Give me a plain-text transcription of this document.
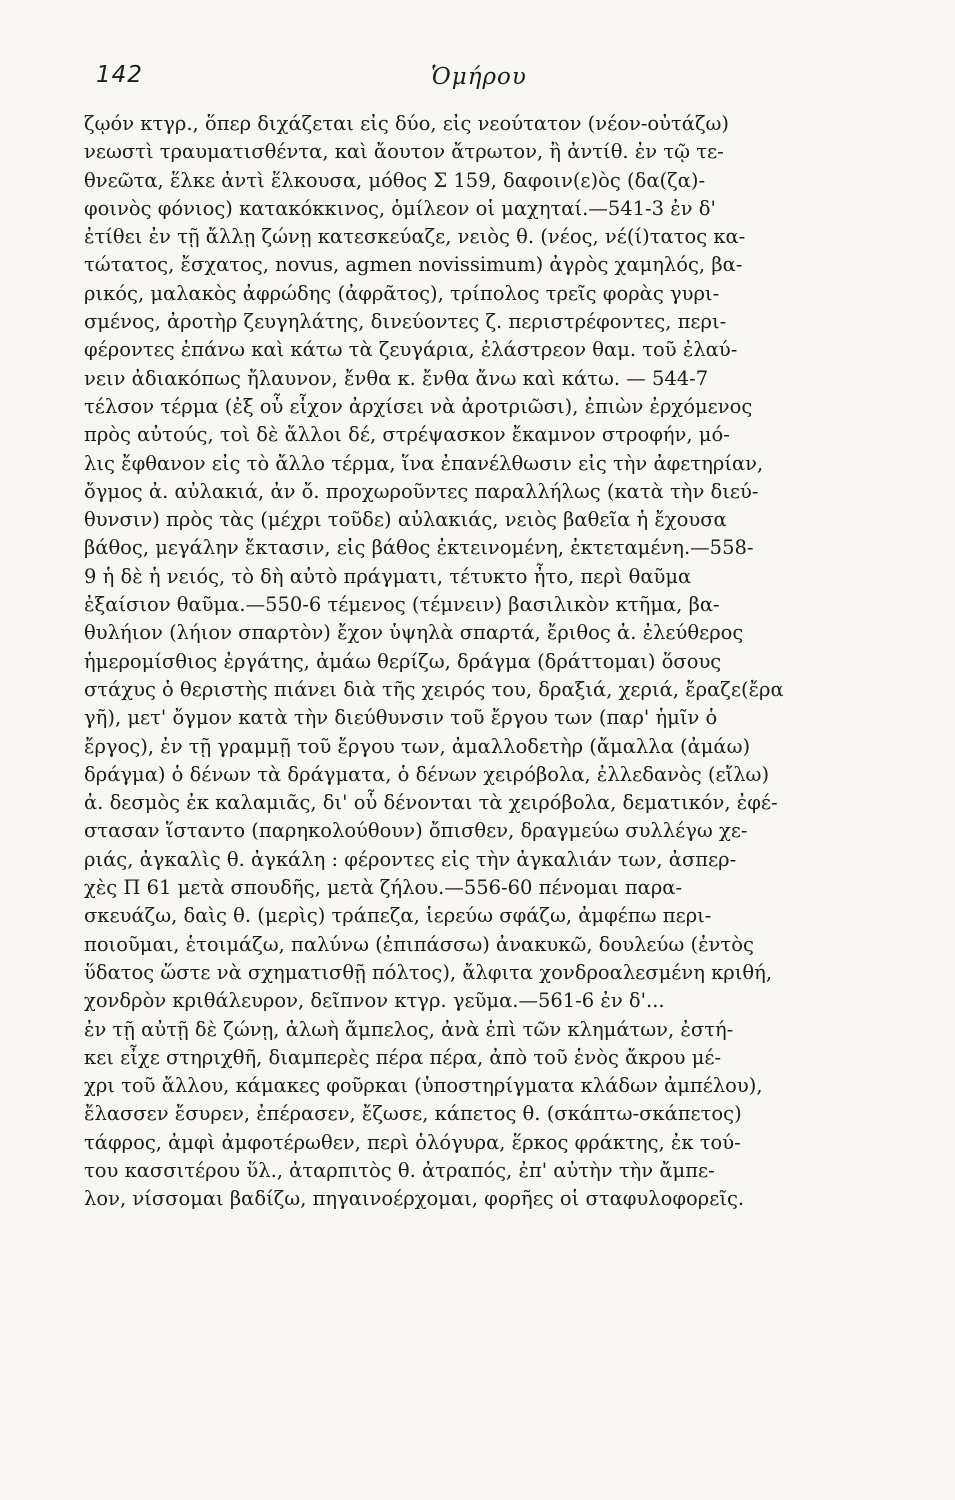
142	Ὁμήρου
ζῳόν κτγρ., ὅπερ διχάζεται εἰς δύο, εἰς νεούτατον (νέον-οὐτάζω)
νεωστὶ τραυματισθέντα, καὶ ἄουτον ἄτρωτον, ἢ ἀντίθ. ἐν τῷ τε-
θνεῶτα, ἕλκε ἀντὶ ἕλκουσα, μόθος Σ 159, δαφοιν(ε)ὸς (δα(ζα)-
φοινὸς φόνιος) κατακόκκινος, ὁμίλεον οἱ μαχηταί.—541-3 ἐν δ'
ἐτίθει ἐν τῇ ἄλλῃ ζώνῃ κατεσκεύαζε, νειὸς θ. (νέος, νέ(ί)τατος κα-
τώτατος, ἔσχατος, novus, agmen novissimum) ἀγρὸς χαμηλός, βα-
ρικός, μαλακὸς ἀφρώδης (ἀφρᾶτος), τρίπολος τρεῖς φορὰς γυρι-
σμένος, ἀροτὴρ ζευγηλάτης, δινεύοντες ζ. περιστρέφοντες, περι-
φέροντες ἐπάνω καὶ κάτω τὰ ζευγάρια, ἐλάστρεον θαμ. τοῦ ἐλαύ-
νειν ἀδιακόπως ἤλαυνον, ἔνθα κ. ἔνθα ἄνω καὶ κάτω. — 544-7
τέλσον τέρμα (ἐξ οὗ εἶχον ἀρχίσει νὰ ἀροτριῶσι), ἐπιὼν ἐρχόμενος
πρὸς αὐτούς, τοὶ δὲ ἄλλοι δέ, στρέψασκον ἔκαμνον στροφήν, μό-
λις ἔφθανον εἰς τὸ ἄλλο τέρμα, ἵνα ἐπανέλθωσιν εἰς τὴν ἀφετηρίαν,
ὄγμος ἀ. αὐλακιά, ἀν ὄ. προχωροῦντες παραλλήλως (κατὰ τὴν διεύ-
θυνσιν) πρὸς τὰς (μέχρι τοῦδε) αὐλακιάς, νειὸς βαθεῖα ἡ ἔχουσα
βάθος, μεγάλην ἔκτασιν, εἰς βάθος ἐκτεινομένη, ἐκτεταμένη.—558-
9 ἡ δὲ ἡ νειός, τὸ δὴ αὐτὸ πράγματι, τέτυκτο ἦτο, περὶ θαῦμα
ἐξαίσιον θαῦμα.—550-6 τέμενος (τέμνειν) βασιλικὸν κτῆμα, βα-
θυλήιον (λήιον σπαρτὸν) ἔχον ὑψηλὰ σπαρτά, ἔριθος ἀ. ἐλεύθερος
ἡμερομίσθιος ἐργάτης, ἀμάω θερίζω, δράγμα (δράττομαι) ὅσους
στάχυς ὁ θεριστὴς πιάνει διὰ τῆς χειρός του, δραξιά, χεριά, ἔραζε(ἔρα
γῆ), μετ' ὄγμον κατὰ τὴν διεύθυνσιν τοῦ ἔργου των (παρ' ἡμῖν ὁ
ἔργος), ἐν τῇ γραμμῇ τοῦ ἔργου των, ἀμαλλοδετὴρ (ἄμαλλα (ἀμάω)
δράγμα) ὁ δένων τὰ δράγματα, ὁ δένων χειρόβολα, ἐλλεδανὸς (εἴλω)
ἀ. δεσμὸς ἐκ καλαμιᾶς, δι' οὗ δένονται τὰ χειρόβολα, δεματικόν, ἐφέ-
στασαν ἵσταντο (παρηκολούθουν) ὄπισθεν, δραγμεύω συλλέγω χε-
ριάς, ἀγκαλὶς θ. ἀγκάλη : φέροντες εἰς τὴν ἀγκαλιάν των, ἀσπερ-
χὲς Π 61 μετὰ σπουδῆς, μετὰ ζήλου.—556-60 πένομαι παρα-
σκευάζω, δαὶς θ. (μερὶς) τράπεζα, ἱερεύω σφάζω, ἀμφέπω περι-
ποιοῦμαι, ἑτοιμάζω, παλύνω (ἐπιπάσσω) ἀνακυκῶ, δουλεύω (ἐντὸς
ὕδατος ὥστε νὰ σχηματισθῇ πόλτος), ἄλφιτα χονδροαλεσμένη κριθή,
χονδρὸν κριθάλευρον, δεῖπνον κτγρ. γεῦμα.—561-6 ἐν δ'...
ἐν τῇ αὐτῇ δὲ ζώνῃ, ἀλωὴ ἄμπελος, ἀνὰ ἐπὶ τῶν κλημάτων, ἐστή-
κει εἶχε στηριχθῆ, διαμπερὲς πέρα πέρα, ἀπὸ τοῦ ἑνὸς ἄκρου μέ-
χρι τοῦ ἄλλου, κάμακες φοῦρκαι (ὑποστηρίγματα κλάδων ἀμπέλου),
ἔλασσεν ἔσυρεν, ἐπέρασεν, ἔζωσε, κάπετος θ. (σκάπτω-σκάπετος)
τάφρος, ἀμφὶ ἀμφοτέρωθεν, περὶ ὁλόγυρα, ἕρκος φράκτης, ἐκ τού-
του κασσιτέρου ὕλ., ἀταρπιτὸς θ. ἀτραπός, ἐπ' αὐτὴν τὴν ἄμπε-
λον, νίσσομαι βαδίζω, πηγαινοέρχομαι, φορῆες οἱ σταφυλοφορεῖς.
